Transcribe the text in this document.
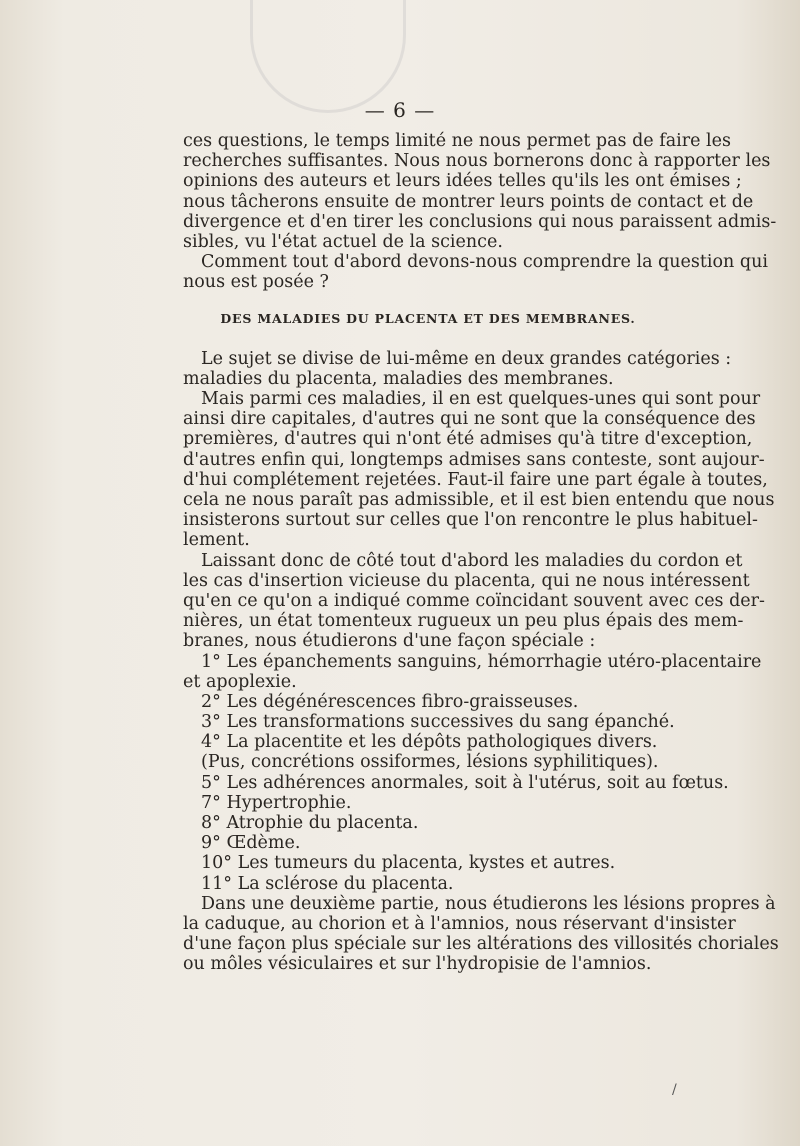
— 6 —
ces questions, le temps limité ne nous permet pas de faire les
recherches suffisantes. Nous nous bornerons donc à rapporter les
opinions des auteurs et leurs idées telles qu'ils les ont émises ;
nous tâcherons ensuite de montrer leurs points de contact et de
divergence et d'en tirer les conclusions qui nous paraissent admis-
sibles, vu l'état actuel de la science.
Comment tout d'abord devons-nous comprendre la question qui
nous est posée ?
DES MALADIES DU PLACENTA ET DES MEMBRANES.
Le sujet se divise de lui-même en deux grandes catégories :
maladies du placenta, maladies des membranes.
Mais parmi ces maladies, il en est quelques-unes qui sont pour
ainsi dire capitales, d'autres qui ne sont que la conséquence des
premières, d'autres qui n'ont été admises qu'à titre d'exception,
d'autres enfin qui, longtemps admises sans conteste, sont aujour-
d'hui complétement rejetées. Faut-il faire une part égale à toutes,
cela ne nous paraît pas admissible, et il est bien entendu que nous
insisterons surtout sur celles que l'on rencontre le plus habituel-
lement.
Laissant donc de côté tout d'abord les maladies du cordon et
les cas d'insertion vicieuse du placenta, qui ne nous intéressent
qu'en ce qu'on a indiqué comme coïncidant souvent avec ces der-
nières, un état tomenteux rugueux un peu plus épais des mem-
branes, nous étudierons d'une façon spéciale :
1° Les épanchements sanguins, hémorrhagie utéro-placentaire
et apoplexie.
2° Les dégénérescences fibro-graisseuses.
3° Les transformations successives du sang épanché.
4° La placentite et les dépôts pathologiques divers.
(Pus, concrétions ossiformes, lésions syphilitiques).
5° Les adhérences anormales, soit à l'utérus, soit au fœtus.
7° Hypertrophie.
8° Atrophie du placenta.
9° Œdème.
10° Les tumeurs du placenta, kystes et autres.
11° La sclérose du placenta.
Dans une deuxième partie, nous étudierons les lésions propres à
la caduque, au chorion et à l'amnios, nous réservant d'insister
d'une façon plus spéciale sur les altérations des villosités choriales
ou môles vésiculaires et sur l'hydropisie de l'amnios.
/
